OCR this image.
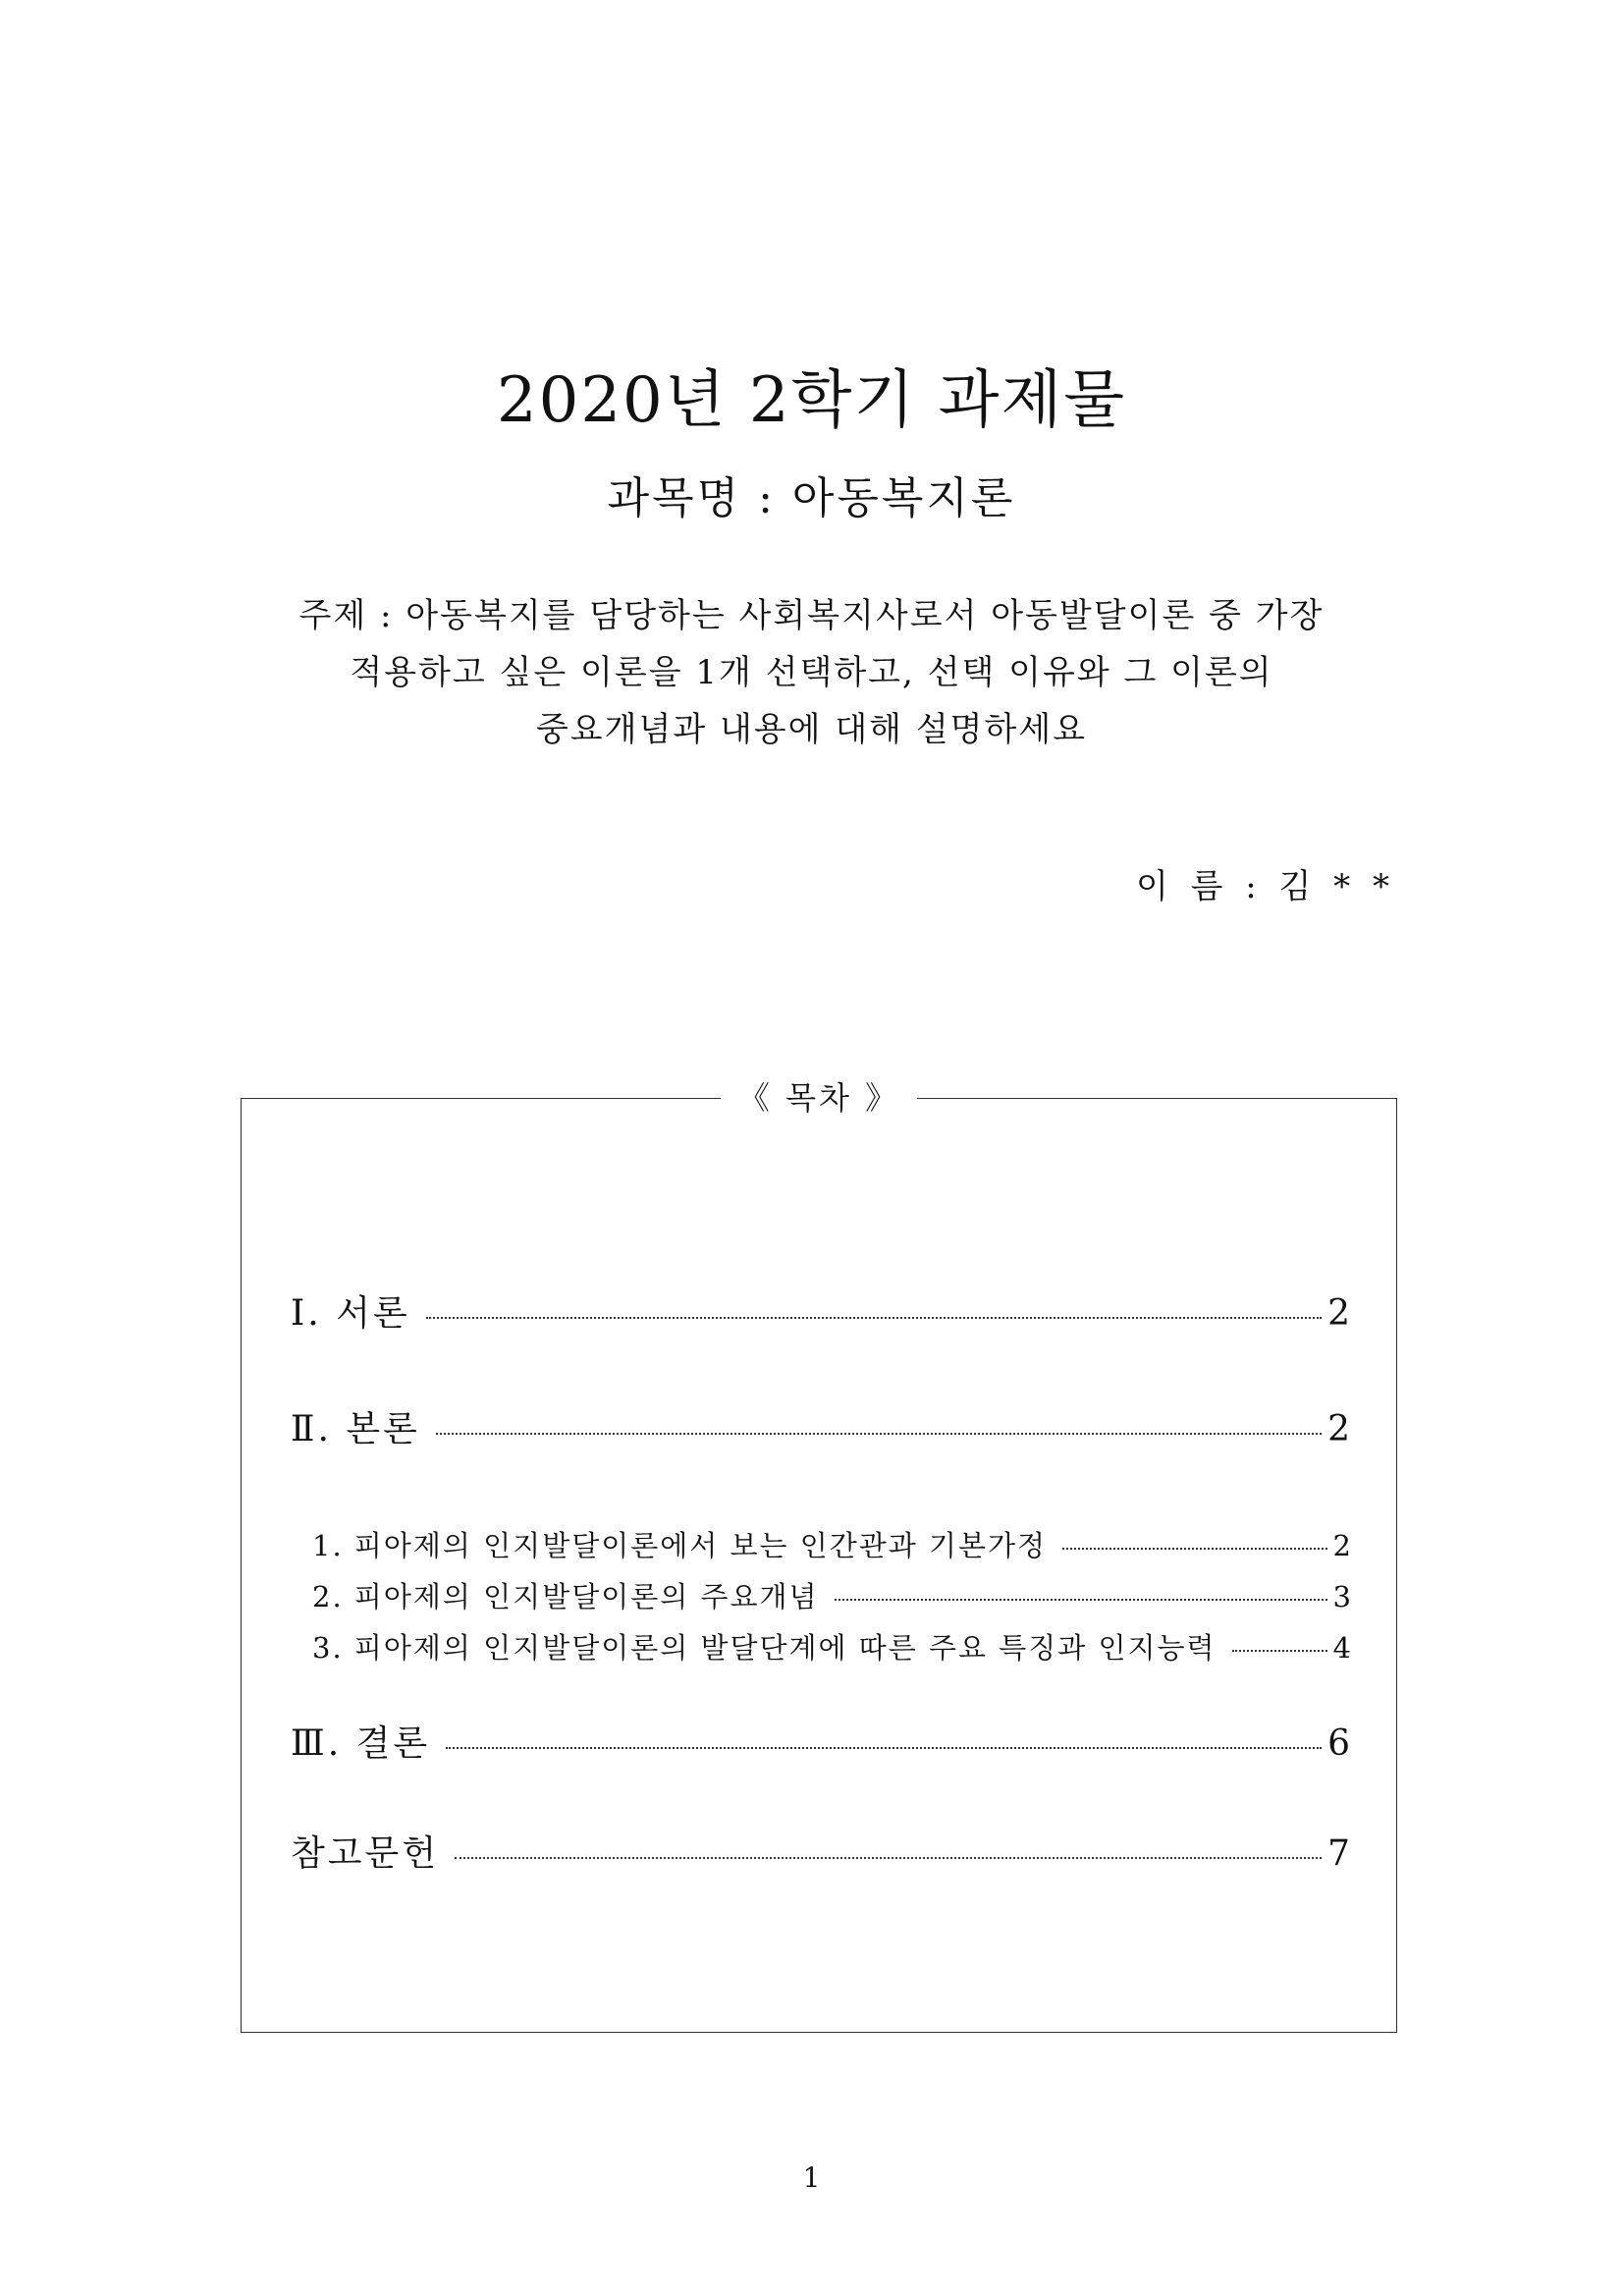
2020년 2학기 과제물
과목명 : 아동복지론
주제 : 아동복지를 담당하는 사회복지사로서 아동발달이론 중 가장
적용하고 싶은 이론을 1개 선택하고, 선택 이유와 그 이론의
중요개념과 내용에 대해 설명하세요
이 름 : 김 * *
《 목차 》
Ⅰ. 서론	2
Ⅱ. 본론	2
1. 피아제의 인지발달이론에서 보는 인간관과 기본가정	2
2. 피아제의 인지발달이론의 주요개념	3
3. 피아제의 인지발달이론의 발달단계에 따른 주요 특징과 인지능력	4
Ⅲ. 결론	6
참고문헌	7
1
